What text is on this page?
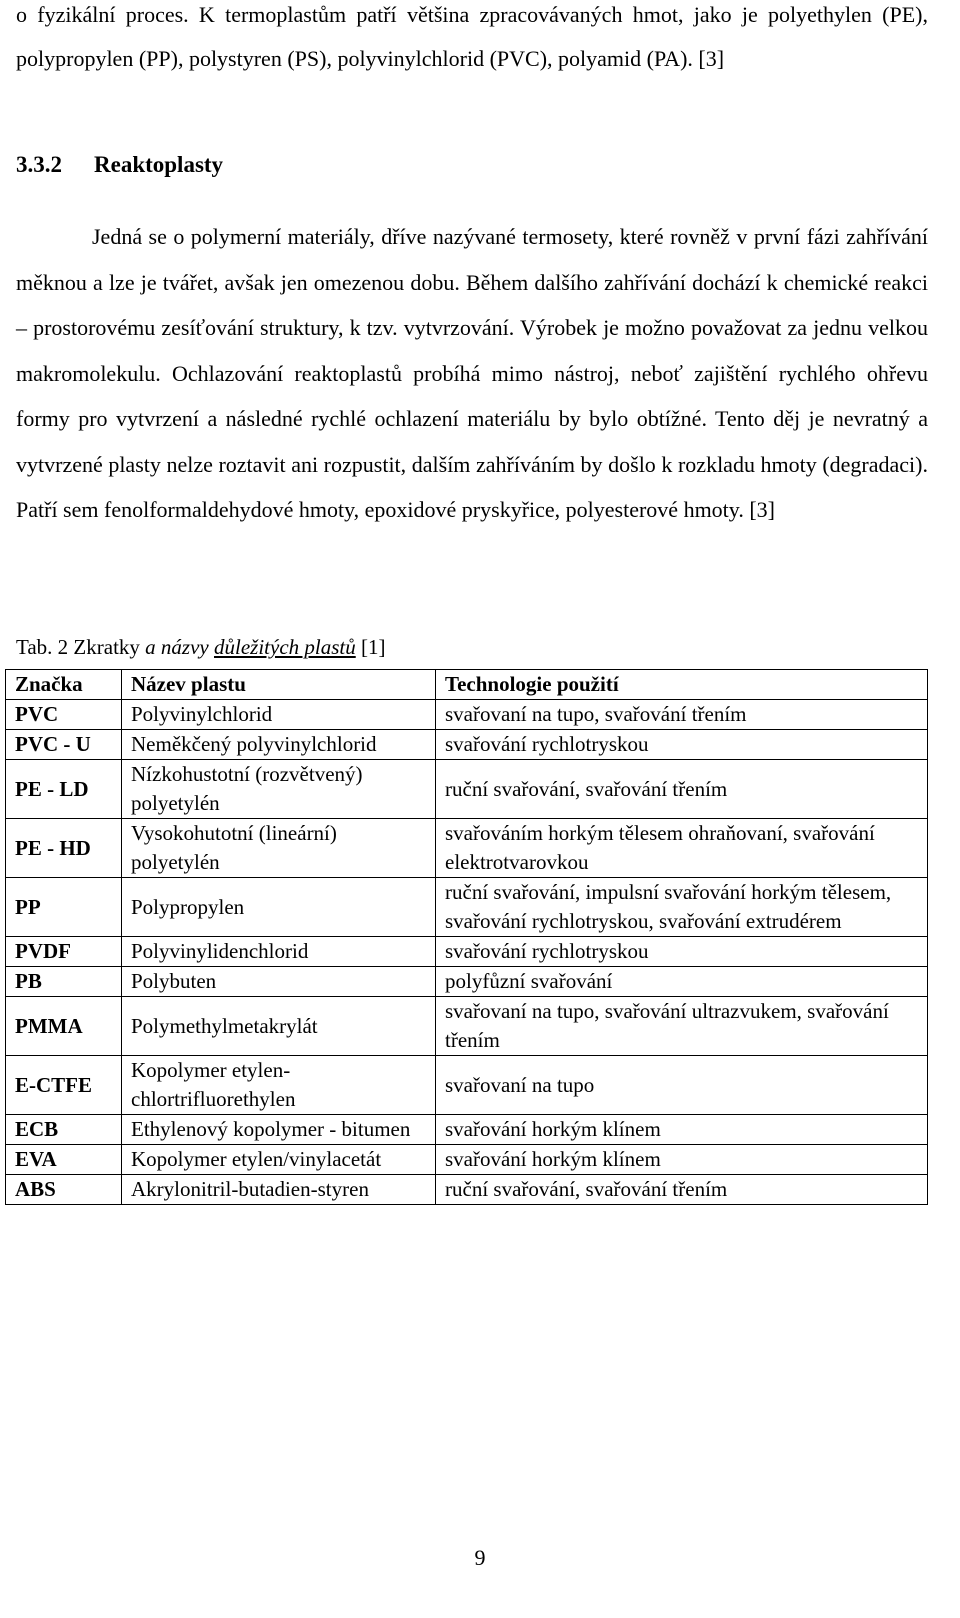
o fyzikální proces. K termoplastům patří většina zpracovávaných hmot, jako je polyethylen (PE), polypropylen (PP), polystyren (PS), polyvinylchlorid (PVC), polyamid (PA). [3]

3.3.2 Reaktoplasty

Jedná se o polymerní materiály, dříve nazývané termosety, které rovněž v první fázi zahřívání měknou a lze je tvářet, avšak jen omezenou dobu. Během dalšího zahřívání dochází k chemické reakci – prostorovému zesíťování struktury, k tzv. vytvrzování. Výrobek je možno považovat za jednu velkou makromolekulu. Ochlazování reaktoplastů probíhá mimo nástroj, neboť zajištění rychlého ohřevu formy pro vytvrzení a následné rychlé ochlazení materiálu by bylo obtížné. Tento děj je nevratný a vytvrzené plasty nelze roztavit ani rozpustit, dalším zahříváním by došlo k rozkladu hmoty (degradaci). Patří sem fenolformaldehydové hmoty, epoxidové pryskyřice, polyesterové hmoty. [3]

Tab. 2 Zkratky a názvy důležitých plastů [1]
Značka	Název plastu	Technologie použití
PVC	Polyvinylchlorid	svařovaní na tupo, svařování třením
PVC - U	Neměkčený polyvinylchlorid	svařování rychlotryskou
PE - LD	Nízkohustotní (rozvětvený) polyetylén	ruční svařování, svařování třením
PE - HD	Vysokohutotní (lineární) polyetylén	svařováním horkým tělesem ohraňovaní, svařování elektrotvarovkou
PP	Polypropylen	ruční svařování, impulsní svařování horkým tělesem, svařování rychlotryskou, svařování extrudérem
PVDF	Polyvinylidenchlorid	svařování rychlotryskou
PB	Polybuten	polyfůzní svařování
PMMA	Polymethylmetakrylát	svařovaní na tupo, svařování ultrazvukem, svařování třením
E-CTFE	Kopolymer etylen-chlortrifluorethylen	svařovaní na tupo
ECB	Ethylenový kopolymer - bitumen	svařování horkým klínem
EVA	Kopolymer etylen/vinylacetát	svařování horkým klínem
ABS	Akrylonitril-butadien-styren	ruční svařování, svařování třením
9
